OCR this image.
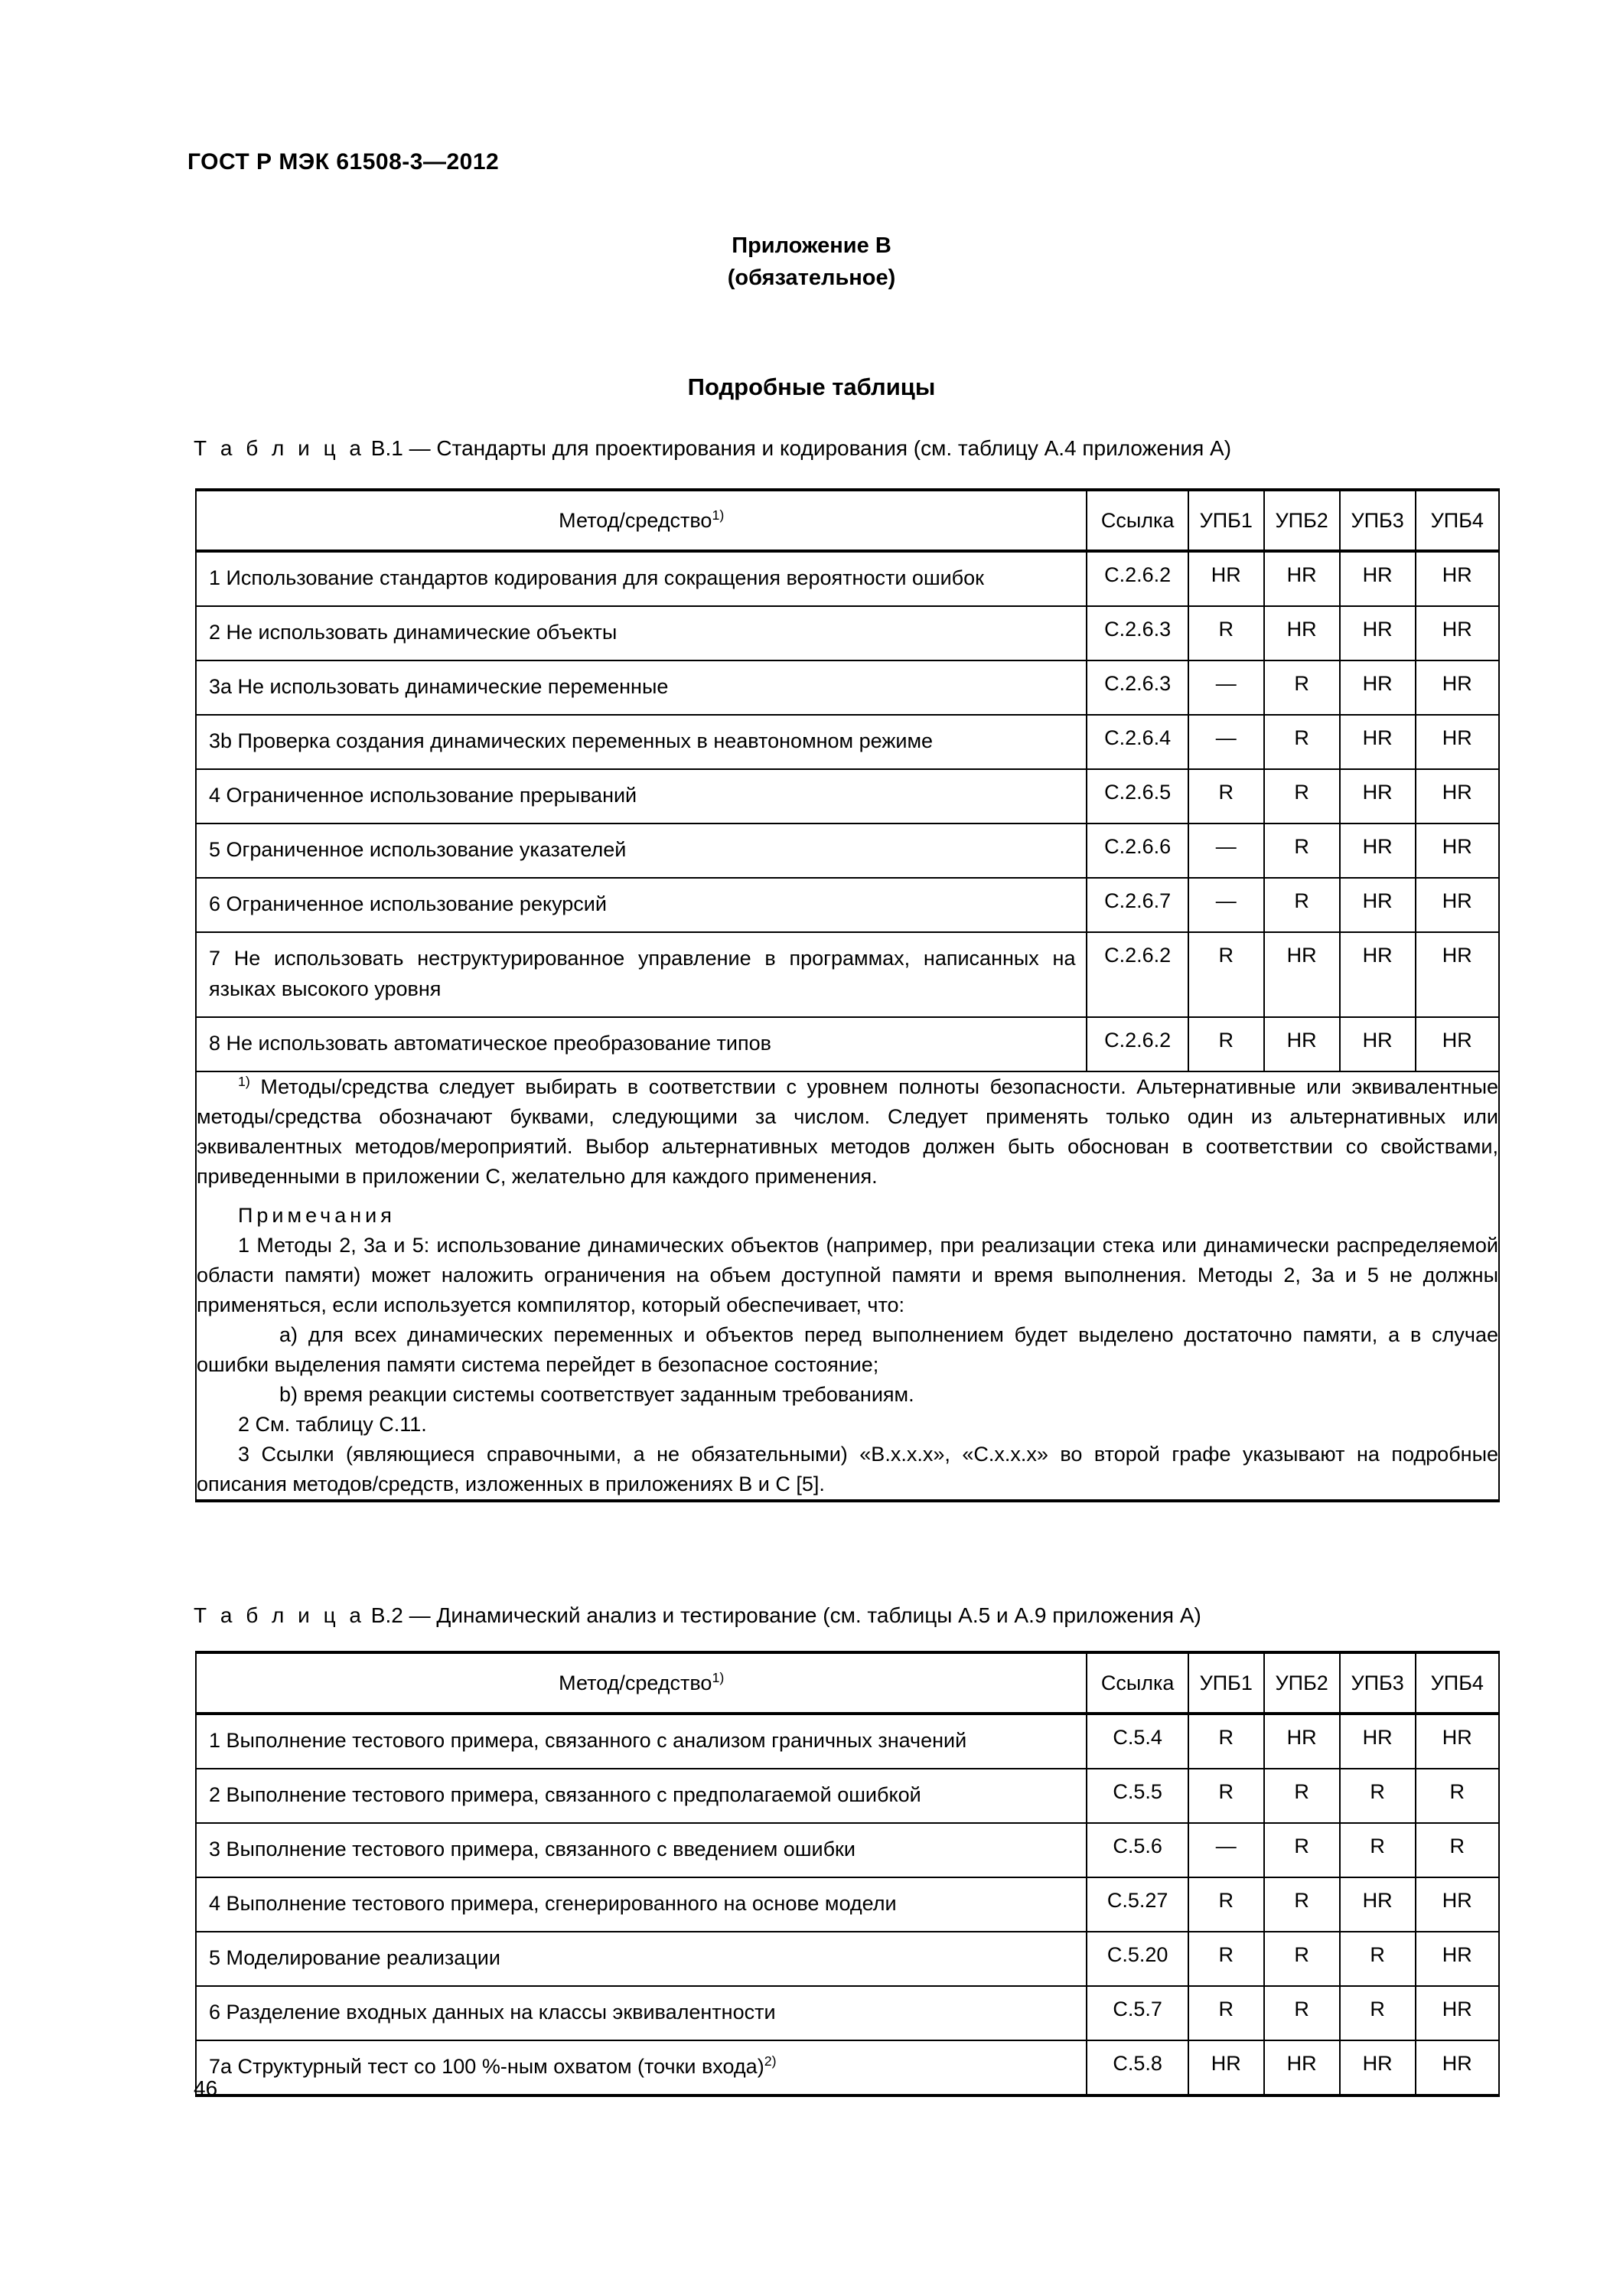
ГОСТ Р МЭК 61508-3—2012
Приложение В
(обязательное)
Подробные таблицы
Т а б л и ц а В.1 — Стандарты для проектирования и кодирования (см. таблицу А.4 приложения А)
Метод/средство$^{1)}$	Ссылка	УПБ1	УПБ2	УПБ3	УПБ4
1 Использование стандартов кодирования для сокращения вероятности ошибок	С.2.6.2	HR	HR	HR	HR
2 Не использовать динамические объекты	С.2.6.3	R	HR	HR	HR
3a Не использовать динамические переменные	С.2.6.3	—	R	HR	HR
3b Проверка создания динамических переменных в неавтономном режиме	С.2.6.4	—	R	HR	HR
4 Ограниченное использование прерываний	С.2.6.5	R	R	HR	HR
5 Ограниченное использование указателей	С.2.6.6	—	R	HR	HR
6 Ограниченное использование рекурсий	С.2.6.7	—	R	HR	HR
7 Не использовать неструктурированное управление в программах, написанных на языках высокого уровня	С.2.6.2	R	HR	HR	HR
8 Не использовать автоматическое преобразование типов	С.2.6.2	R	HR	HR	HR

$^{1)}$ Методы/средства следует выбирать в соответствии с уровнем полноты безопасности. Альтернативные или эквивалентные методы/средства обозначают буквами, следующими за числом. Следует применять только один из альтернативных или эквивалентных методов/мероприятий. Выбор альтернативных методов должен быть обоснован в соответствии со свойствами, приведенными в приложении С, желательно для каждого применения.

Примечания

1 Методы 2, 3а и 5: использование динамических объектов (например, при реализации стека или динамически распределяемой области памяти) может наложить ограничения на объем доступной памяти и время выполнения. Методы 2, 3а и 5 не должны применяться, если используется компилятор, который обеспечивает, что:

a) для всех динамических переменных и объектов перед выполнением будет выделено достаточно памяти, а в случае ошибки выделения памяти система перейдет в безопасное состояние;

b) время реакции системы соответствует заданным требованиям.

2 См. таблицу С.11.

3 Ссылки (являющиеся справочными, а не обязательными) «В.х.х.х», «С.х.х.х» во второй графе указывают на подробные описания методов/средств, изложенных в приложениях В и С [5].

Т а б л и ц а В.2 — Динамический анализ и тестирование (см. таблицы А.5 и А.9 приложения А)
Метод/средство$^{1)}$	Ссылка	УПБ1	УПБ2	УПБ3	УПБ4
1 Выполнение тестового примера, связанного с анализом граничных значений	С.5.4	R	HR	HR	HR
2 Выполнение тестового примера, связанного с предполагаемой ошибкой	С.5.5	R	R	R	R
3 Выполнение тестового примера, связанного с введением ошибки	С.5.6	—	R	R	R
4 Выполнение тестового примера, сгенерированного на основе модели	С.5.27	R	R	HR	HR
5 Моделирование реализации	С.5.20	R	R	R	HR
6 Разделение входных данных на классы эквивалентности	С.5.7	R	R	R	HR
7a Структурный тест со 100 %-ным охватом (точки входа)$^{2)}$	С.5.8	HR	HR	HR	HR
46
